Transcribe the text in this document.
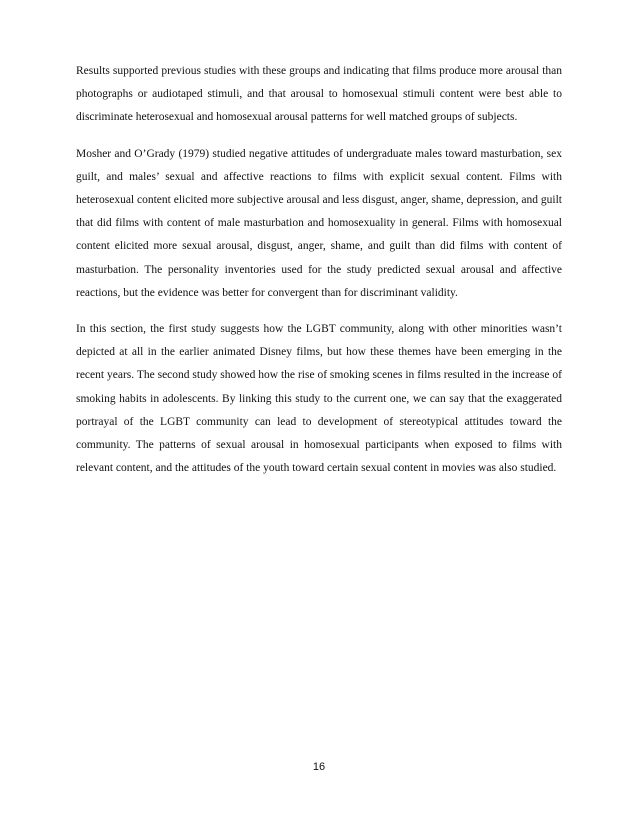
Results supported previous studies with these groups and indicating that films produce more arousal than photographs or audiotaped stimuli, and that arousal to homosexual stimuli content were best able to discriminate heterosexual and homosexual arousal patterns for well matched groups of subjects.

Mosher and O’Grady (1979) studied negative attitudes of undergraduate males toward masturbation, sex guilt, and males’ sexual and affective reactions to films with explicit sexual content. Films with heterosexual content elicited more subjective arousal and less disgust, anger, shame, depression, and guilt that did films with content of male masturbation and homosexuality in general. Films with homosexual content elicited more sexual arousal, disgust, anger, shame, and guilt than did films with content of masturbation. The personality inventories used for the study predicted sexual arousal and affective reactions, but the evidence was better for convergent than for discriminant validity.

In this section, the first study suggests how the LGBT community, along with other minorities wasn’t depicted at all in the earlier animated Disney films, but how these themes have been emerging in the recent years. The second study showed how the rise of smoking scenes in films resulted in the increase of smoking habits in adolescents. By linking this study to the current one, we can say that the exaggerated portrayal of the LGBT community can lead to development of stereotypical attitudes toward the community. The patterns of sexual arousal in homosexual participants when exposed to films with relevant content, and the attitudes of the youth toward certain sexual content in movies was also studied.

16
